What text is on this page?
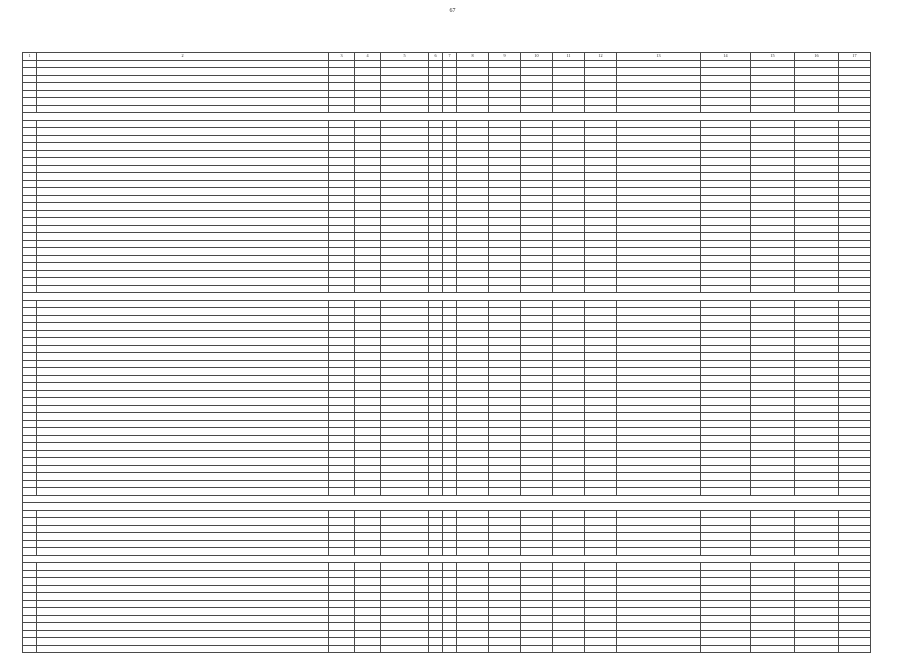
67
1	2	3	4	5	6	7	8	9	10	11	12	13	14	15	16	17
